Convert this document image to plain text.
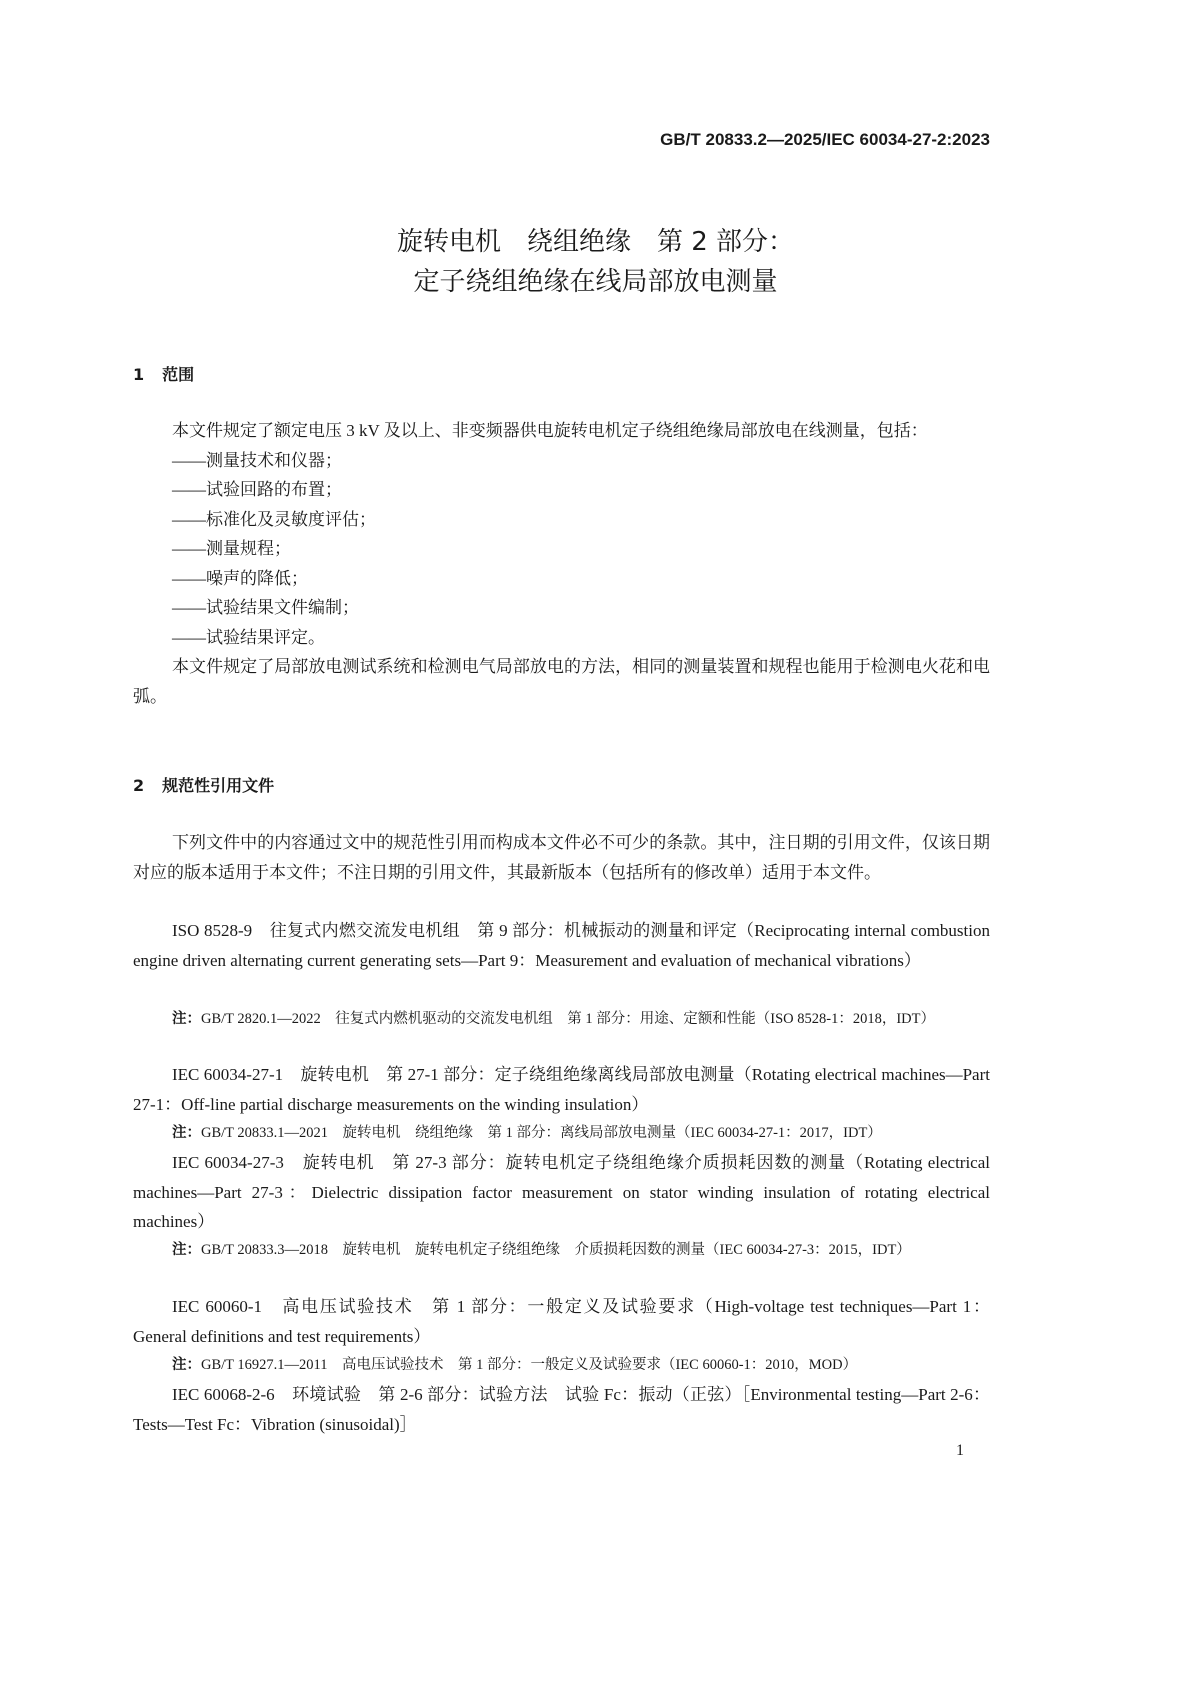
GB/T 20833.2—2025/IEC 60034-27-2:2023
旋转电机　绕组绝缘　第 2 部分：
定子绕组绝缘在线局部放电测量
1 范围
本文件规定了额定电压 3 kV 及以上、非变频器供电旋转电机定子绕组绝缘局部放电在线测量，包括：
——测量技术和仪器；
——试验回路的布置；
——标准化及灵敏度评估；
——测量规程；
——噪声的降低；
——试验结果文件编制；
——试验结果评定。
本文件规定了局部放电测试系统和检测电气局部放电的方法，相同的测量装置和规程也能用于检测电火花和电弧。
2 规范性引用文件
下列文件中的内容通过文中的规范性引用而构成本文件必不可少的条款。其中，注日期的引用文件，仅该日期对应的版本适用于本文件；不注日期的引用文件，其最新版本（包括所有的修改单）适用于本文件。
ISO 8528-9　往复式内燃交流发电机组　第 9 部分：机械振动的测量和评定（Reciprocating internal combustion engine driven alternating current generating sets—Part 9：Measurement and evaluation of mechanical vibrations）
注：GB/T 2820.1—2022　往复式内燃机驱动的交流发电机组　第 1 部分：用途、定额和性能（ISO 8528-1：2018，IDT）
IEC 60034-27-1　旋转电机　第 27-1 部分：定子绕组绝缘离线局部放电测量（Rotating electrical machines—Part 27-1：Off-line partial discharge measurements on the winding insulation）
注：GB/T 20833.1—2021　旋转电机　绕组绝缘　第 1 部分：离线局部放电测量（IEC 60034-27-1：2017，IDT）
IEC 60034-27-3　旋转电机　第 27-3 部分：旋转电机定子绕组绝缘介质损耗因数的测量（Rotating electrical machines—Part 27-3：Dielectric dissipation factor measurement on stator winding insulation of rotating electrical machines）
注：GB/T 20833.3—2018　旋转电机　旋转电机定子绕组绝缘　介质损耗因数的测量（IEC 60034-27-3：2015，IDT）
IEC 60060-1　高电压试验技术　第 1 部分：一般定义及试验要求（High-voltage test techniques—Part 1：General definitions and test requirements）
注：GB/T 16927.1—2011　高电压试验技术　第 1 部分：一般定义及试验要求（IEC 60060-1：2010，MOD）
IEC 60068-2-6　环境试验　第 2-6 部分：试验方法　试验 Fc：振动（正弦）［Environmental testing—Part 2-6：Tests—Test Fc：Vibration (sinusoidal)］
1
